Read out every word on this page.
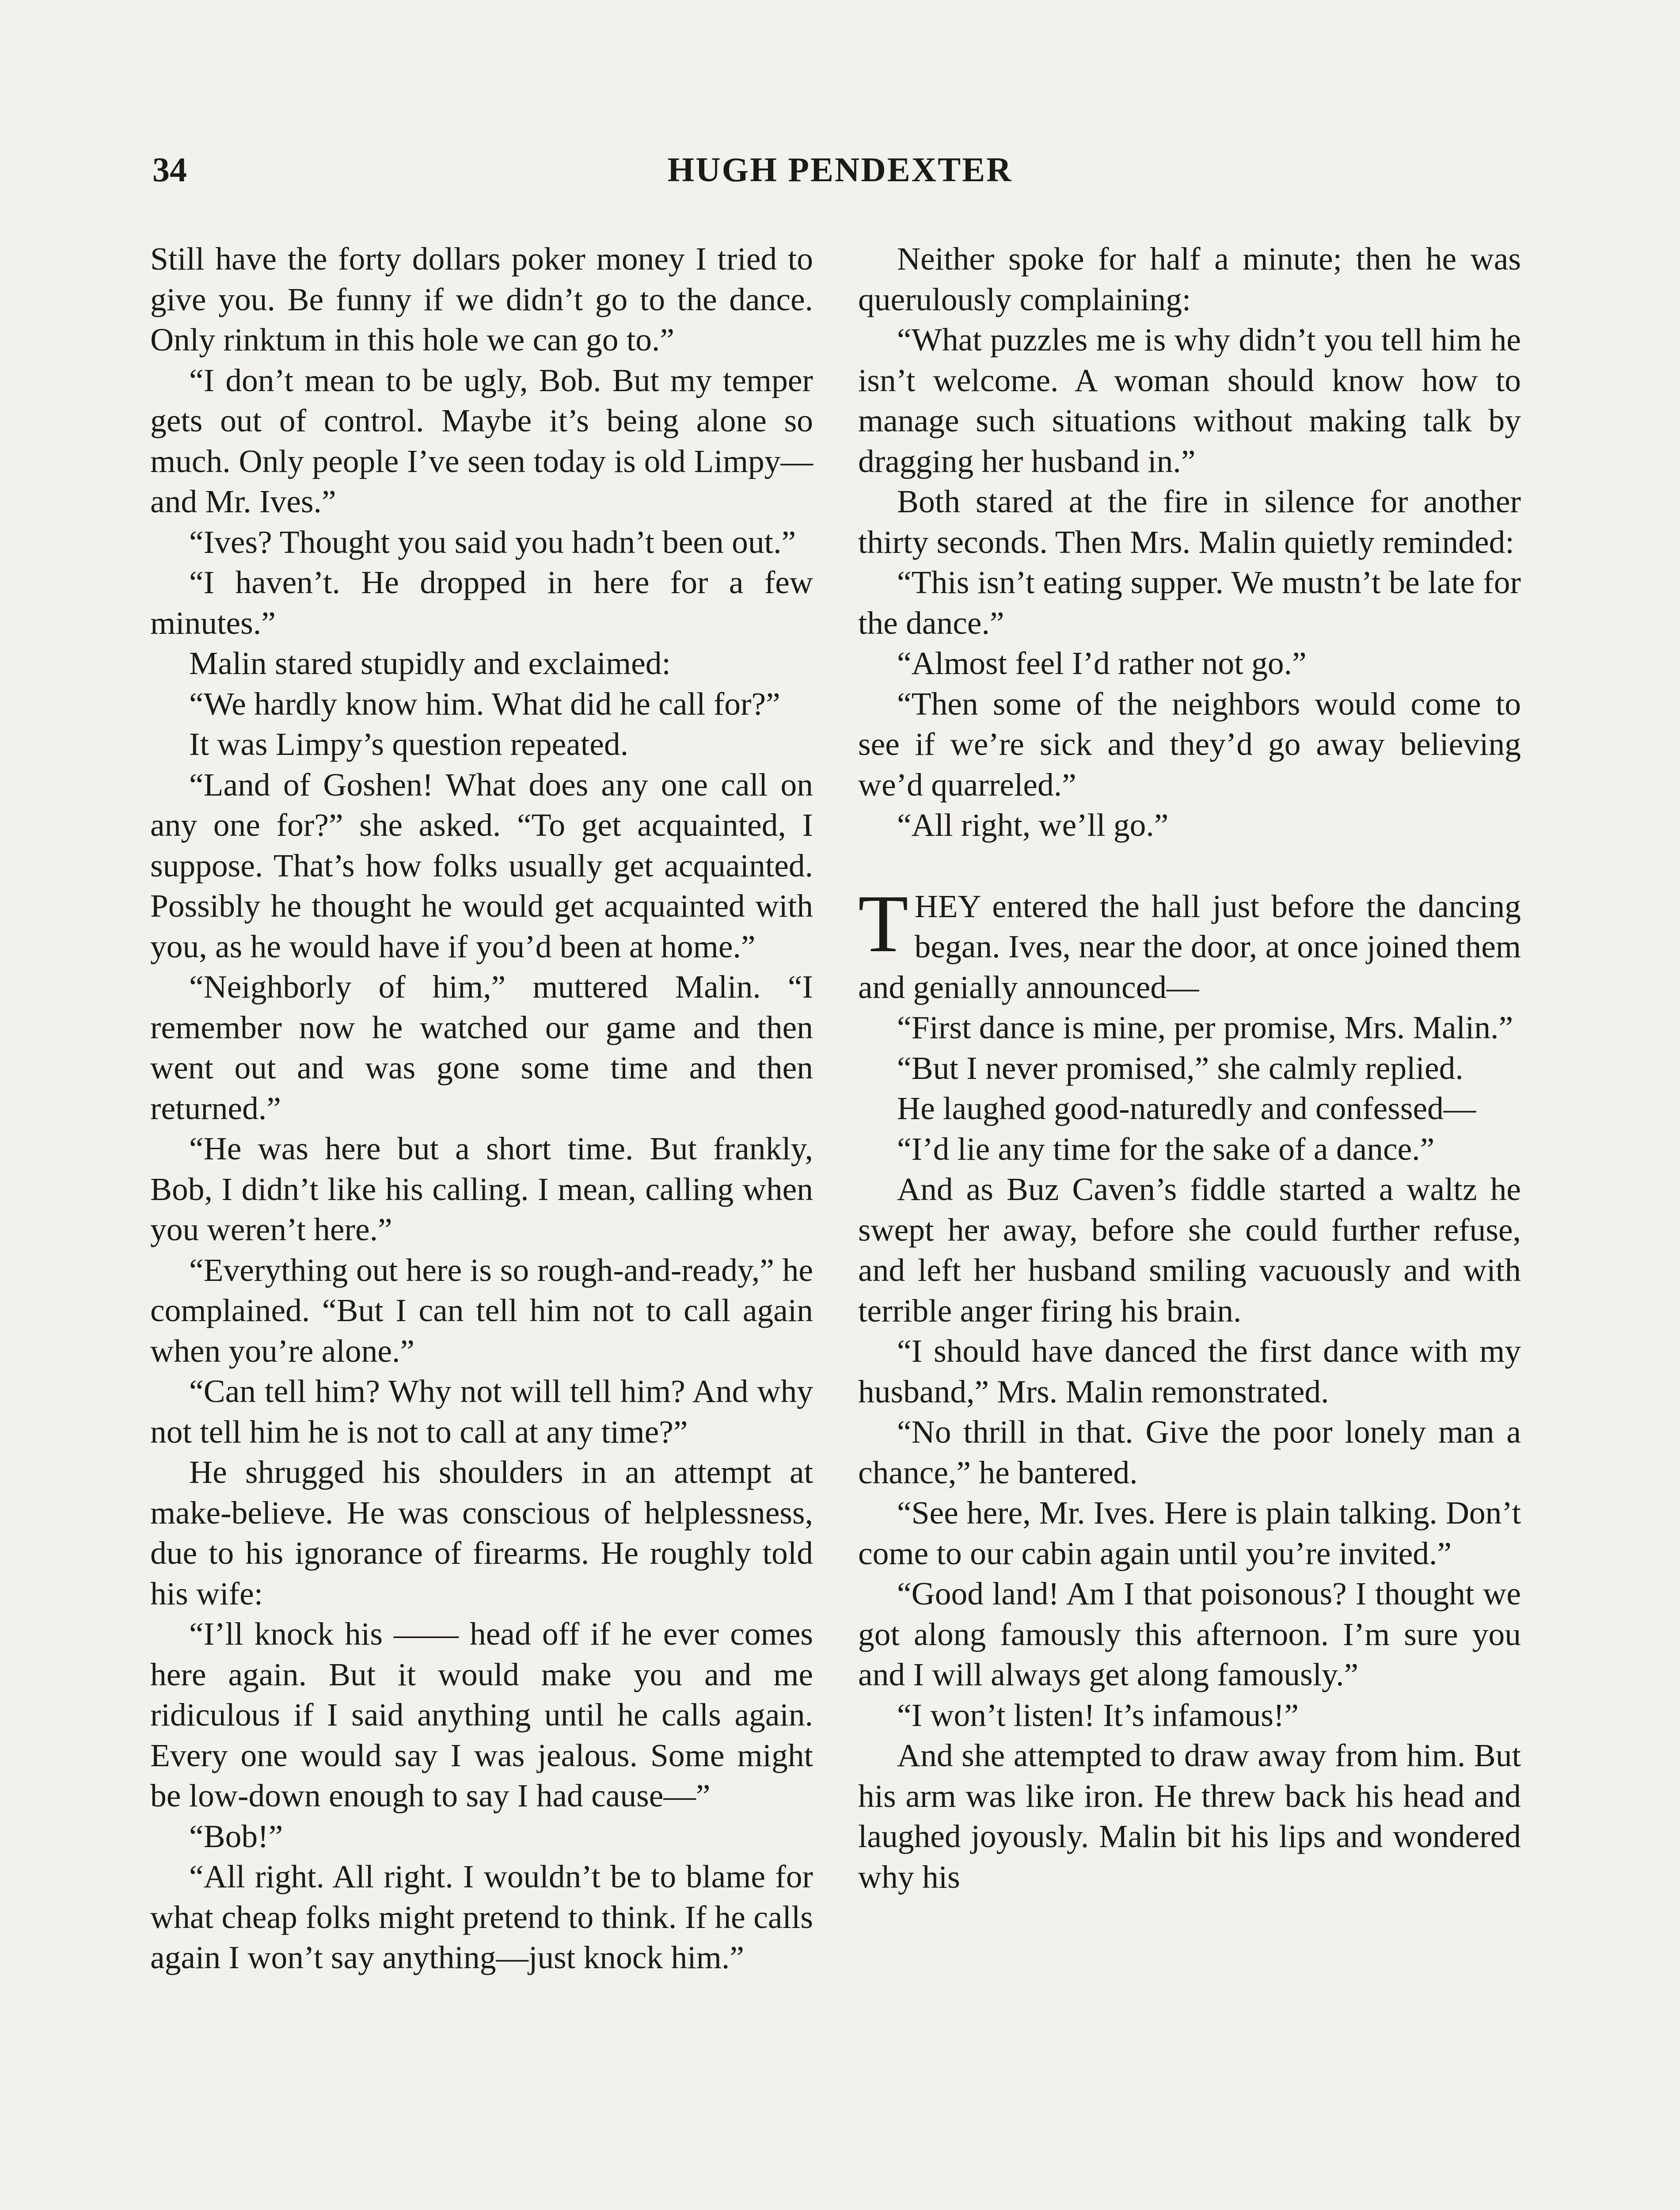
34	HUGH PENDEXTER

Still have the forty dollars poker money I tried to give you. Be funny if we didn’t go to the dance. Only rinktum in this hole we can go to.”

“I don’t mean to be ugly, Bob. But my temper gets out of control. Maybe it’s being alone so much. Only people I’ve seen today is old Limpy—and Mr. Ives.”

“Ives? Thought you said you hadn’t been out.”

“I haven’t. He dropped in here for a few minutes.”

Malin stared stupidly and exclaimed:

“We hardly know him. What did he call for?”

It was Limpy’s question repeated.

“Land of Goshen! What does any one call on any one for?” she asked. “To get acquainted, I suppose. That’s how folks usually get acquainted. Possibly he thought he would get acquainted with you, as he would have if you’d been at home.”

“Neighborly of him,” muttered Malin. “I remember now he watched our game and then went out and was gone some time and then returned.”

“He was here but a short time. But frankly, Bob, I didn’t like his calling. I mean, calling when you weren’t here.”

“Everything out here is so rough-and-ready,” he complained. “But I can tell him not to call again when you’re alone.”

“Can tell him? Why not will tell him? And why not tell him he is not to call at any time?”

He shrugged his shoulders in an attempt at make-believe. He was conscious of helplessness, due to his ignorance of firearms. He roughly told his wife:

“I’ll knock his —— head off if he ever comes here again. But it would make you and me ridiculous if I said anything until he calls again. Every one would say I was jealous. Some might be low-down enough to say I had cause—”

“Bob!”

“All right. All right. I wouldn’t be to blame for what cheap folks might pretend to think. If he calls again I won’t say anything—just knock him.”

Neither spoke for half a minute; then he was querulously complaining:

“What puzzles me is why didn’t you tell him he isn’t welcome. A woman should know how to manage such situations without making talk by dragging her husband in.”

Both stared at the fire in silence for another thirty seconds. Then Mrs. Malin quietly reminded:

“This isn’t eating supper. We mustn’t be late for the dance.”

“Almost feel I’d rather not go.”

“Then some of the neighbors would come to see if we’re sick and they’d go away believing we’d quarreled.”

“All right, we’ll go.”

THEY entered the hall just before the dancing began. Ives, near the door, at once joined them and genially announced—

“First dance is mine, per promise, Mrs. Malin.”

“But I never promised,” she calmly replied.

He laughed good-naturedly and confessed—

“I’d lie any time for the sake of a dance.”

And as Buz Caven’s fiddle started a waltz he swept her away, before she could further refuse, and left her husband smiling vacuously and with terrible anger firing his brain.

“I should have danced the first dance with my husband,” Mrs. Malin remonstrated.

“No thrill in that. Give the poor lonely man a chance,” he bantered.

“See here, Mr. Ives. Here is plain talking. Don’t come to our cabin again until you’re invited.”

“Good land! Am I that poisonous? I thought we got along famously this afternoon. I’m sure you and I will always get along famously.”

“I won’t listen! It’s infamous!”

And she attempted to draw away from him. But his arm was like iron. He threw back his head and laughed joyously. Malin bit his lips and wondered why his
